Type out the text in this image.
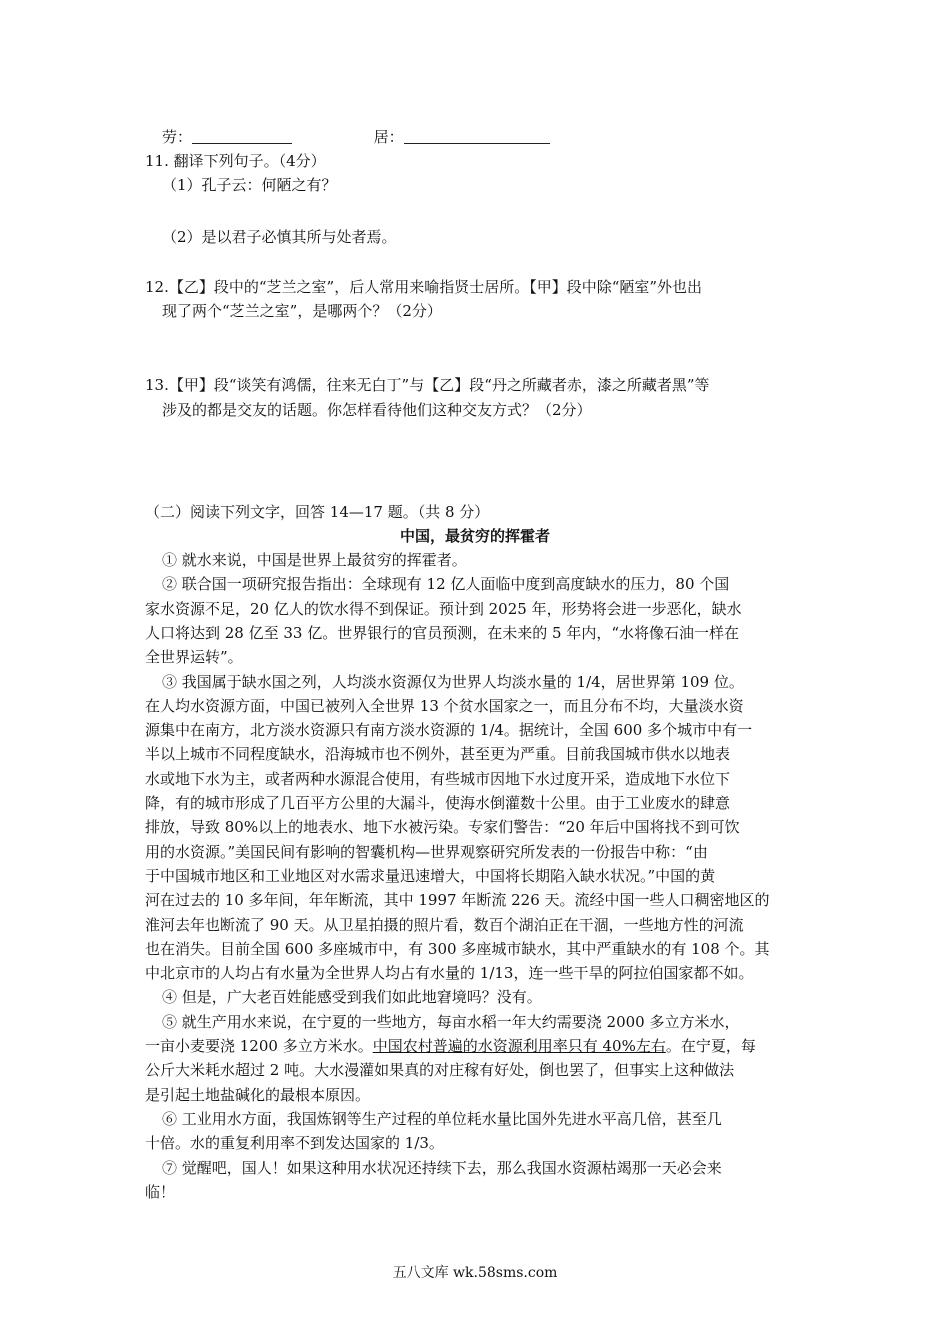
劳：	居：
11. 翻译下列句子。（4分）
（1）孔子云：何陋之有？
（2）是以君子必慎其所与处者焉。
12.【乙】段中的“芝兰之室”，后人常用来喻指贤士居所。【甲】段中除“陋室”外也出
现了两个“芝兰之室”，是哪两个？（2分）
13.【甲】段“谈笑有鸿儒，往来无白丁”与【乙】段“丹之所藏者赤，漆之所藏者黑”等
涉及的都是交友的话题。你怎样看待他们这种交友方式？（2分）
（二）阅读下列文字，回答 14—17 题。（共 8 分）
中国，最贫穷的挥霍者
① 就水来说，中国是世界上最贫穷的挥霍者。
② 联合国一项研究报告指出：全球现有 12 亿人面临中度到高度缺水的压力，80 个国
家水资源不足，20 亿人的饮水得不到保证。预计到 2025 年，形势将会进一步恶化，缺水
人口将达到 28 亿至 33 亿。世界银行的官员预测，在未来的 5 年内，“水将像石油一样在
全世界运转”。
③ 我国属于缺水国之列，人均淡水资源仅为世界人均淡水量的 1/4，居世界第 109 位。
在人均水资源方面，中国已被列入全世界 13 个贫水国家之一，而且分布不均，大量淡水资
源集中在南方，北方淡水资源只有南方淡水资源的 1/4。据统计，全国 600 多个城市中有一
半以上城市不同程度缺水，沿海城市也不例外，甚至更为严重。目前我国城市供水以地表
水或地下水为主，或者两种水源混合使用，有些城市因地下水过度开采，造成地下水位下
降，有的城市形成了几百平方公里的大漏斗，使海水倒灌数十公里。由于工业废水的肆意
排放，导致 80%以上的地表水、地下水被污染。专家们警告：“20 年后中国将找不到可饮
用的水资源。”美国民间有影响的智囊机构—世界观察研究所发表的一份报告中称：“由
于中国城市地区和工业地区对水需求量迅速增大，中国将长期陷入缺水状况。”中国的黄
河在过去的 10 多年间，年年断流，其中 1997 年断流 226 天。流经中国一些人口稠密地区的
淮河去年也断流了 90 天。从卫星拍摄的照片看，数百个湖泊正在干涸，一些地方性的河流
也在消失。目前全国 600 多座城市中，有 300 多座城市缺水，其中严重缺水的有 108 个。其
中北京市的人均占有水量为全世界人均占有水量的 1/13，连一些干旱的阿拉伯国家都不如。
④ 但是，广大老百姓能感受到我们如此地窘境吗？没有。
⑤ 就生产用水来说，在宁夏的一些地方，每亩水稻一年大约需要浇 2000 多立方米水，
一亩小麦要浇 1200 多立方米水。中国农村普遍的水资源利用率只有 40%左右。在宁夏，每
公斤大米耗水超过 2 吨。大水漫灌如果真的对庄稼有好处，倒也罢了，但事实上这种做法
是引起土地盐碱化的最根本原因。
⑥ 工业用水方面，我国炼钢等生产过程的单位耗水量比国外先进水平高几倍，甚至几
十倍。水的重复利用率不到发达国家的 1/3。
⑦ 觉醒吧，国人！如果这种用水状况还持续下去，那么我国水资源枯竭那一天必会来
临！
五八文库 wk.58sms.com
